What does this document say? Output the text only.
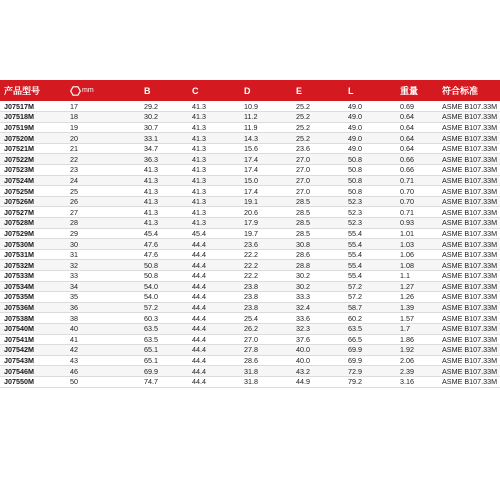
产品型号	mm	B	C	D	E	L	重量	符合标准
J07517M	17	29.2	41.3	10.9	25.2	49.0	0.69	ASME B107.33M
J07518M	18	30.2	41.3	11.2	25.2	49.0	0.64	ASME B107.33M
J07519M	19	30.7	41.3	11.9	25.2	49.0	0.64	ASME B107.33M
J07520M	20	33.1	41.3	14.3	25.2	49.0	0.64	ASME B107.33M
J07521M	21	34.7	41.3	15.6	23.6	49.0	0.64	ASME B107.33M
J07522M	22	36.3	41.3	17.4	27.0	50.8	0.66	ASME B107.33M
J07523M	23	41.3	41.3	17.4	27.0	50.8	0.66	ASME B107.33M
J07524M	24	41.3	41.3	15.0	27.0	50.8	0.71	ASME B107.33M
J07525M	25	41.3	41.3	17.4	27.0	50.8	0.70	ASME B107.33M
J07526M	26	41.3	41.3	19.1	28.5	52.3	0.70	ASME B107.33M
J07527M	27	41.3	41.3	20.6	28.5	52.3	0.71	ASME B107.33M
J07528M	28	41.3	41.3	17.9	28.5	52.3	0.93	ASME B107.33M
J07529M	29	45.4	45.4	19.7	28.5	55.4	1.01	ASME B107.33M
J07530M	30	47.6	44.4	23.6	30.8	55.4	1.03	ASME B107.33M
J07531M	31	47.6	44.4	22.2	28.6	55.4	1.06	ASME B107.33M
J07532M	32	50.8	44.4	22.2	28.8	55.4	1.08	ASME B107.33M
J07533M	33	50.8	44.4	22.2	30.2	55.4	1.1	ASME B107.33M
J07534M	34	54.0	44.4	23.8	30.2	57.2	1.27	ASME B107.33M
J07535M	35	54.0	44.4	23.8	33.3	57.2	1.26	ASME B107.33M
J07536M	36	57.2	44.4	23.8	32.4	58.7	1.39	ASME B107.33M
J07538M	38	60.3	44.4	25.4	33.6	60.2	1.57	ASME B107.33M
J07540M	40	63.5	44.4	26.2	32.3	63.5	1.7	ASME B107.33M
J07541M	41	63.5	44.4	27.0	37.6	66.5	1.86	ASME B107.33M
J07542M	42	65.1	44.4	27.8	40.0	69.9	1.92	ASME B107.33M
J07543M	43	65.1	44.4	28.6	40.0	69.9	2.06	ASME B107.33M
J07546M	46	69.9	44.4	31.8	43.2	72.9	2.39	ASME B107.33M
J07550M	50	74.7	44.4	31.8	44.9	79.2	3.16	ASME B107.33M
